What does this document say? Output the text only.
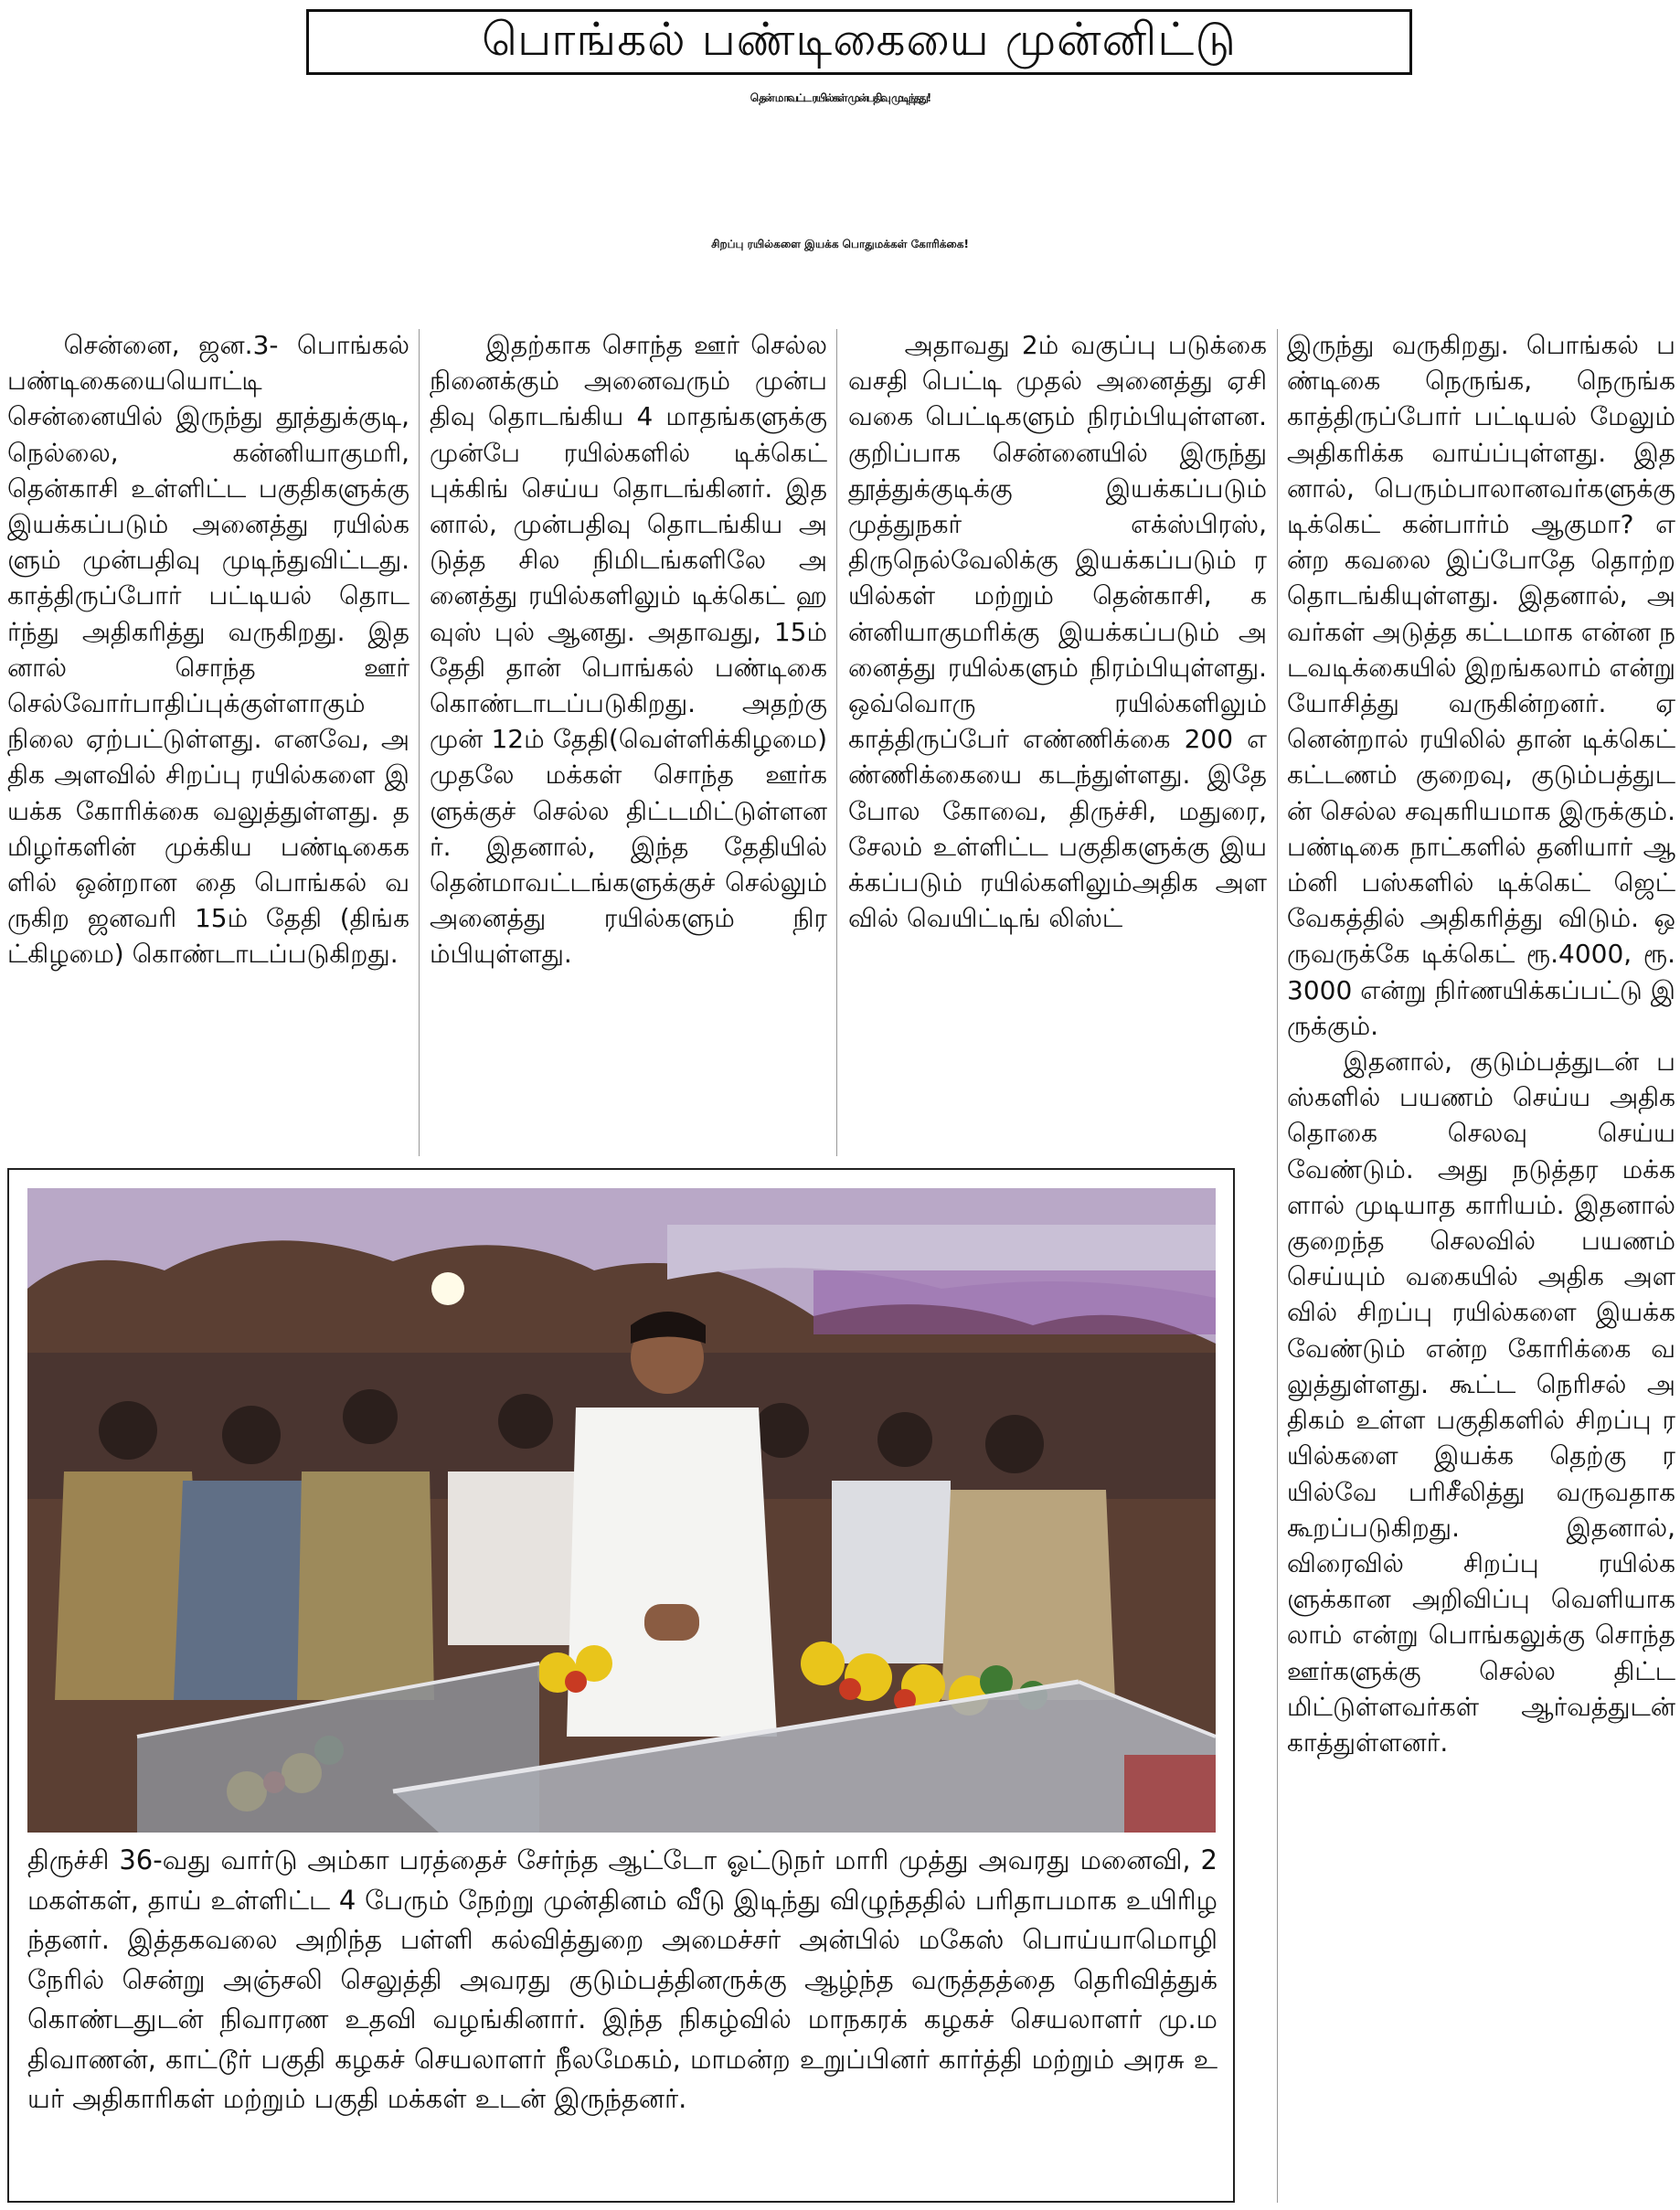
பொங்கல் பண்டிகையை முன்னிட்டு
தென் மாவட்ட ரயில்கள் முன்பதிவு முடிந்தது!
சிறப்பு ரயில்களை இயக்க பொதுமக்கள் கோரிக்கை!

சென்னை, ஜன.3- பொங்கல் பண்டிகையையொட்டி சென்னையில் இருந்து தூத்துக்குடி, நெல்லை, கன்னியாகுமரி, தென்காசி உள்ளிட்ட பகுதிகளுக்கு இயக்கப்படும் அனைத்து ரயில்களும் முன்பதிவு முடிந்துவிட்டது. காத்திருப்போர் பட்டியல் தொடர்ந்து அதிகரித்து வருகிறது. இதனால் சொந்த ஊர் செல்வோர்பாதிப்புக்குள்ளாகும் நிலை ஏற்பட்டுள்ளது. எனவே, அதிக அளவில் சிறப்பு ரயில்களை இயக்க கோரிக்கை வலுத்துள்ளது. தமிழர்களின் முக்கிய பண்டிகைகளில் ஒன்றான தை பொங்கல் வருகிற ஜனவரி 15ம் தேதி (திங்கட்கிழமை) கொண்டாடப்படுகிறது.

இதற்காக சொந்த ஊர் செல்ல நினைக்கும் அனைவரும் முன்பதிவு தொடங்கிய 4 மாதங்களுக்கு முன்பே ரயில்களில் டிக்கெட் புக்கிங் செய்ய தொடங்கினர். இதனால், முன்பதிவு தொடங்கிய அடுத்த சில நிமிடங்களிலே அனைத்து ரயில்களிலும் டிக்கெட் ஹவுஸ் புல் ஆனது. அதாவது, 15ம் தேதி தான் பொங்கல் பண்டிகை கொண்டாடப்படுகிறது. அதற்கு முன் 12ம் தேதி(வெள்ளிக்கிழமை) முதலே மக்கள் சொந்த ஊர்களுக்குச் செல்ல திட்டமிட்டுள்ளனர். இதனால், இந்த தேதியில் தென்மாவட்டங்களுக்குச் செல்லும் அனைத்து ரயில்களும் நிரம்பியுள்ளது.

அதாவது 2ம் வகுப்பு படுக்கை வசதி பெட்டி முதல் அனைத்து ஏசி வகை பெட்டிகளும் நிரம்பியுள்ளன. குறிப்பாக சென்னையில் இருந்து தூத்துக்குடிக்கு இயக்கப்படும் முத்துநகர் எக்ஸ்பிரஸ், திருநெல்வேலிக்கு இயக்கப்படும் ரயில்கள் மற்றும் தென்காசி, கன்னியாகுமரிக்கு இயக்கப்படும் அனைத்து ரயில்களும் நிரம்பியுள்ளது. ஒவ்வொரு ரயில்களிலும் காத்திருப்பேர் எண்ணிக்கை 200 எண்ணிக்கையை கடந்துள்ளது. இதே போல கோவை, திருச்சி, மதுரை, சேலம் உள்ளிட்ட பகுதிகளுக்கு இயக்கப்படும் ரயில்களிலும்அதிக அளவில் வெயிட்டிங் லிஸ்ட்

இருந்து வருகிறது. பொங்கல் பண்டிகை நெருங்க, நெருங்க காத்திருப்போர் பட்டியல் மேலும் அதிகரிக்க வாய்ப்புள்ளது. இதனால், பெரும்பாலானவர்களுக்கு டிக்கெட் கன்பார்ம் ஆகுமா? என்ற கவலை இப்போதே தொற்ற தொடங்கியுள்ளது. இதனால், அவர்கள் அடுத்த கட்டமாக என்ன நடவடிக்கையில் இறங்கலாம் என்று யோசித்து வருகின்றனர். ஏனென்றால் ரயிலில் தான் டிக்கெட் கட்டணம் குறைவு, குடும்பத்துடன் செல்ல சவுகரியமாக இருக்கும். பண்டிகை நாட்களில் தனியார் ஆம்னி பஸ்களில் டிக்கெட் ஜெட் வேகத்தில் அதிகரித்து விடும். ஒருவருக்கே டிக்கெட் ரூ.4000, ரூ.3000 என்று நிர்ணயிக்கப்பட்டு இருக்கும்.

இதனால், குடும்பத்துடன் பஸ்களில் பயணம் செய்ய அதிக தொகை செலவு செய்ய வேண்டும். அது நடுத்தர மக்களால் முடியாத காரியம். இதனால் குறைந்த செலவில் பயணம் செய்யும் வகையில் அதிக அளவில் சிறப்பு ரயில்களை இயக்க வேண்டும் என்ற கோரிக்கை வலுத்துள்ளது. கூட்ட நெரிசல் அதிகம் உள்ள பகுதிகளில் சிறப்பு ரயில்களை இயக்க தெற்கு ரயில்வே பரிசீலித்து வருவதாக கூறப்படுகிறது. இதனால், விரைவில் சிறப்பு ரயில்களுக்கான அறிவிப்பு வெளியாகலாம் என்று பொங்கலுக்கு சொந்த ஊர்களுக்கு செல்ல திட்டமிட்டுள்ளவர்கள் ஆர்வத்துடன் காத்துள்ளனர்.

திருச்சி 36-வது வார்டு அம்கா பரத்தைச் சேர்ந்த ஆட்டோ ஓட்டுநர் மாரி முத்து அவரது மனைவி, 2 மகள்கள், தாய் உள்ளிட்ட 4 பேரும் நேற்று முன்தினம் வீடு இடிந்து விழுந்ததில் பரிதாபமாக உயிரிழந்தனர். இத்தகவலை அறிந்த பள்ளி கல்வித்துறை அமைச்சர் அன்பில் மகேஸ் பொய்யாமொழி நேரில் சென்று அஞ்சலி செலுத்தி அவரது குடும்பத்தினருக்கு ஆழ்ந்த வருத்தத்தை தெரிவித்துக் கொண்டதுடன் நிவாரண உதவி வழங்கினார். இந்த நிகழ்வில் மாநகரக் கழகச் செயலாளர் மு.மதிவாணன், காட்டூர் பகுதி கழகச் செயலாளர் நீலமேகம், மாமன்ற உறுப்பினர் கார்த்தி மற்றும் அரசு உயர் அதிகாரிகள் மற்றும் பகுதி மக்கள் உடன் இருந்தனர்.
